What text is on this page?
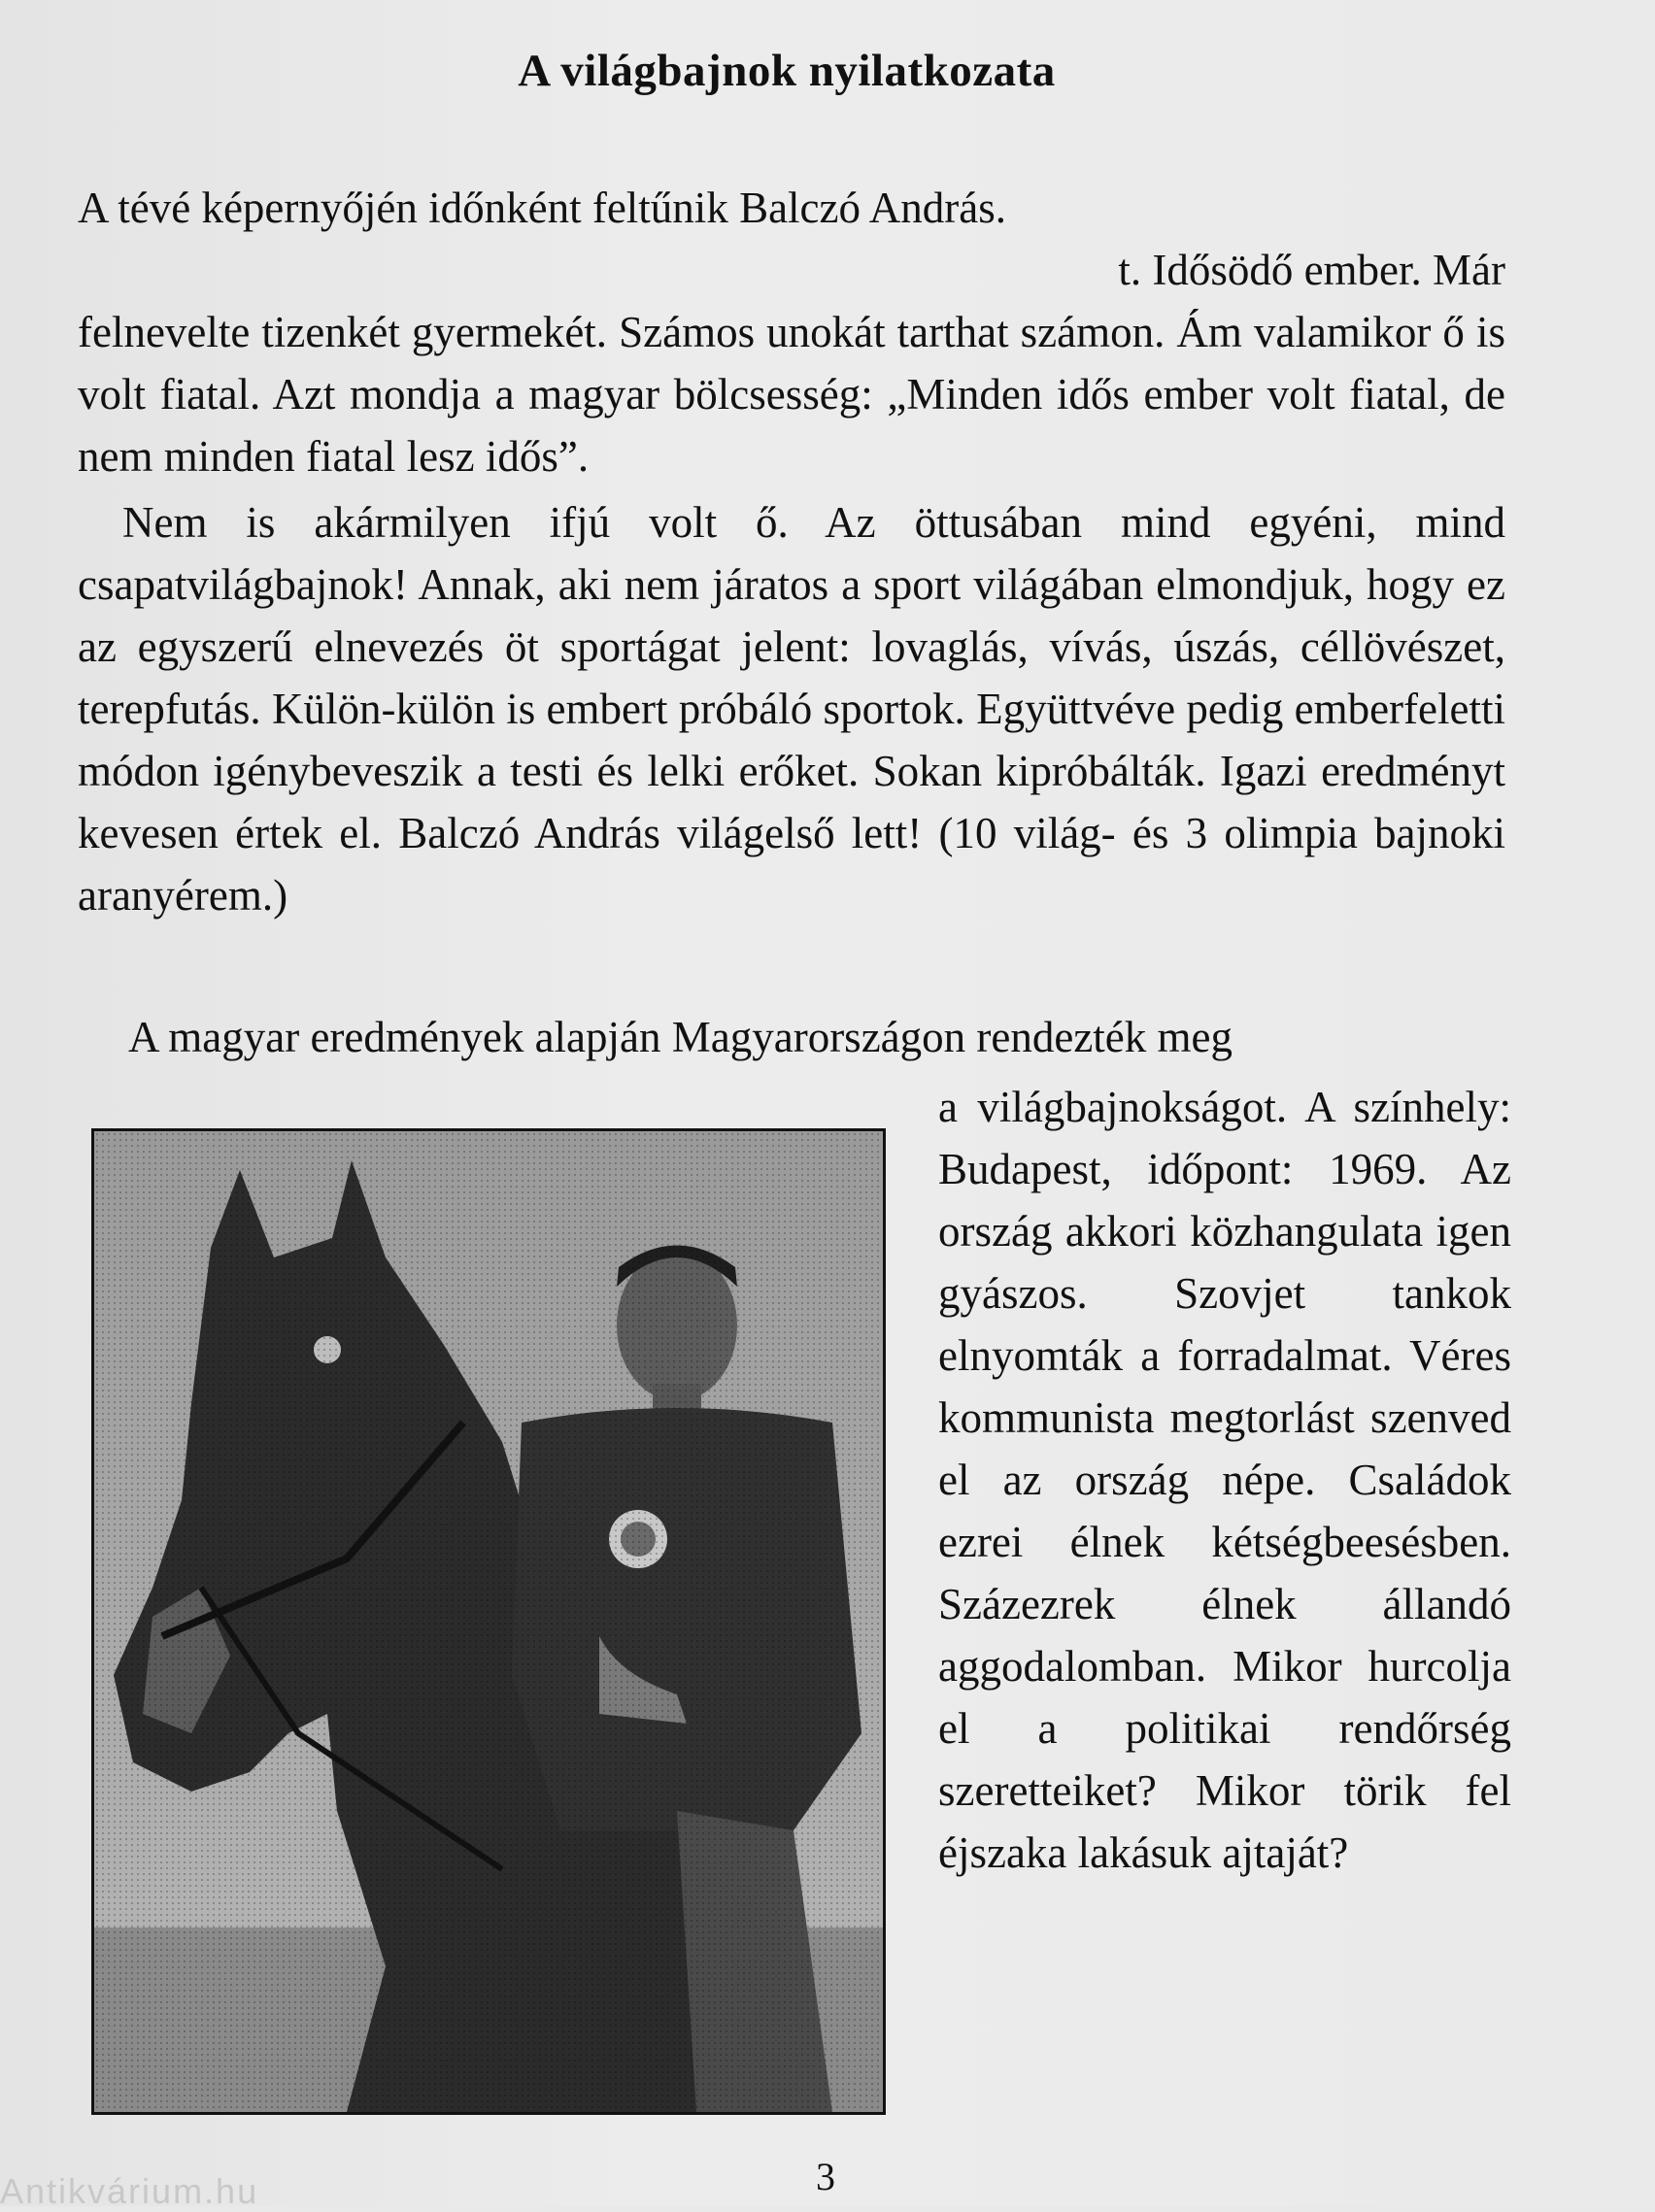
A világbajnok nyilatkozata
A tévé képernyőjén időnként feltűnik Balczó András.
t. Idősödő ember. Már
felnevelte tizenkét gyermekét. Számos unokát tarthat számon. Ám valamikor ő is volt fiatal. Azt mondja a magyar bölcsesség: „Minden idős ember volt fiatal, de nem minden fiatal lesz idős”.

Nem is akármilyen ifjú volt ő. Az öttusában mind egyéni, mind csapatvilágbajnok! Annak, aki nem járatos a sport világában elmondjuk, hogy ez az egyszerű elnevezés öt sportágat jelent: lovaglás, vívás, úszás, céllövészet, terepfutás. Külön-külön is embert próbáló sportok. Együttvéve pedig emberfeletti módon igénybeveszik a testi és lelki erőket. Sokan kipróbálták. Igazi eredményt kevesen értek el. Balczó András világelső lett! (10 világ- és 3 olimpia bajnoki aranyérem.)

A magyar eredmények alapján Magyarországon rendezték meg

a világbajnokságot. A színhely: Budapest, időpont: 1969. Az ország akkori közhangulata igen gyászos. Szovjet tankok elnyomták a forradalmat. Véres kommunista megtorlást szenved el az ország népe. Családok ezrei élnek kétségbeesésben. Százezrek élnek állandó aggodalomban. Mikor hurcolja el a politikai rendőrség szeretteiket? Mikor törik fel éjszaka lakásuk ajtaját?
3
Antikvárium.hu
